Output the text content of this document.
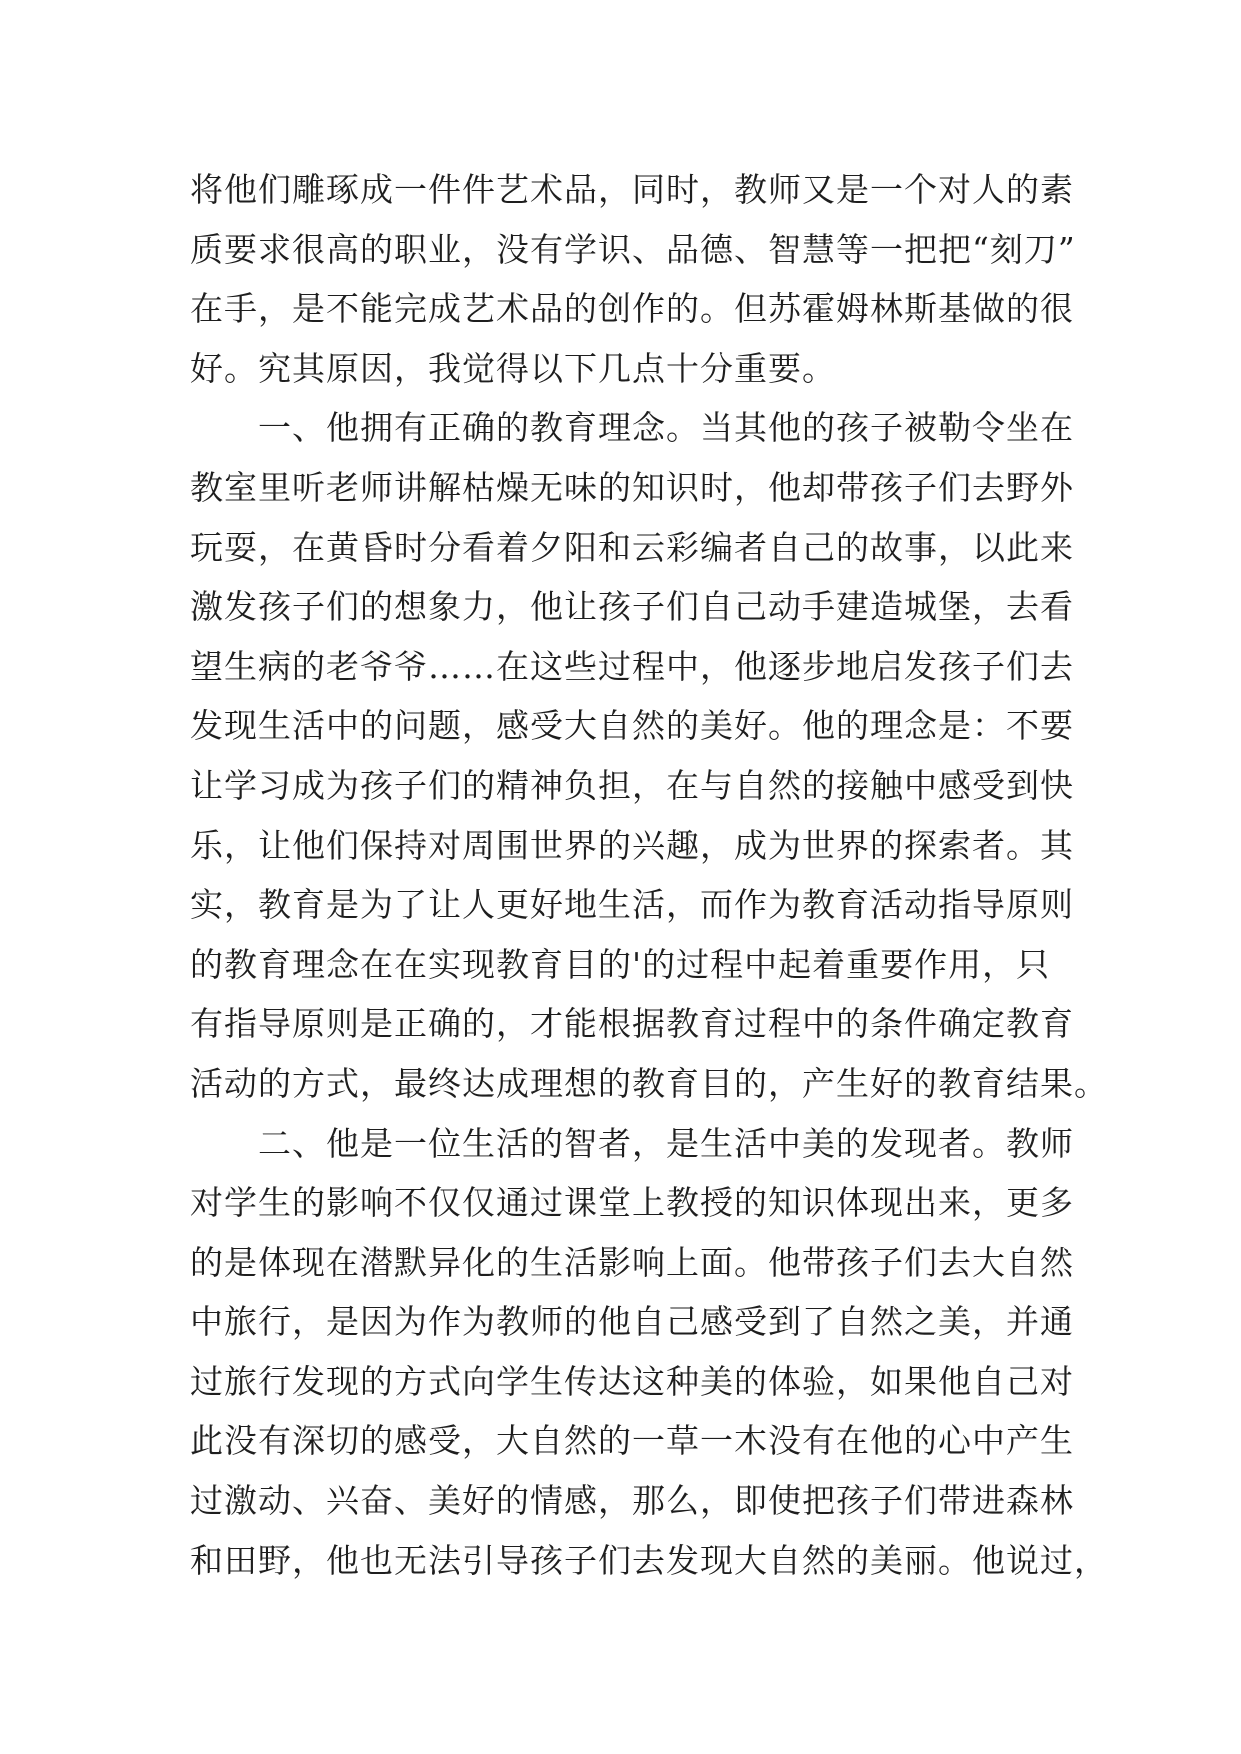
将他们雕琢成一件件艺术品，同时，教师又是一个对人的素
质要求很高的职业，没有学识、品德、智慧等一把把“刻刀”
在手，是不能完成艺术品的创作的。但苏霍姆林斯基做的很
好。究其原因，我觉得以下几点十分重要。
一、他拥有正确的教育理念。当其他的孩子被勒令坐在
教室里听老师讲解枯燥无味的知识时，他却带孩子们去野外
玩耍，在黄昏时分看着夕阳和云彩编者自己的故事，以此来
激发孩子们的想象力，他让孩子们自己动手建造城堡，去看
望生病的老爷爷……在这些过程中，他逐步地启发孩子们去
发现生活中的问题，感受大自然的美好。他的理念是：不要
让学习成为孩子们的精神负担，在与自然的接触中感受到快
乐，让他们保持对周围世界的兴趣，成为世界的探索者。其
实，教育是为了让人更好地生活，而作为教育活动指导原则
的教育理念在在实现教育目的'的过程中起着重要作用，只
有指导原则是正确的，才能根据教育过程中的条件确定教育
活动的方式，最终达成理想的教育目的，产生好的教育结果。
二、他是一位生活的智者，是生活中美的发现者。教师
对学生的影响不仅仅通过课堂上教授的知识体现出来，更多
的是体现在潜默异化的生活影响上面。他带孩子们去大自然
中旅行，是因为作为教师的他自己感受到了自然之美，并通
过旅行发现的方式向学生传达这种美的体验，如果他自己对
此没有深切的感受，大自然的一草一木没有在他的心中产生
过激动、兴奋、美好的情感，那么，即使把孩子们带进森林
和田野，他也无法引导孩子们去发现大自然的美丽。他说过，
